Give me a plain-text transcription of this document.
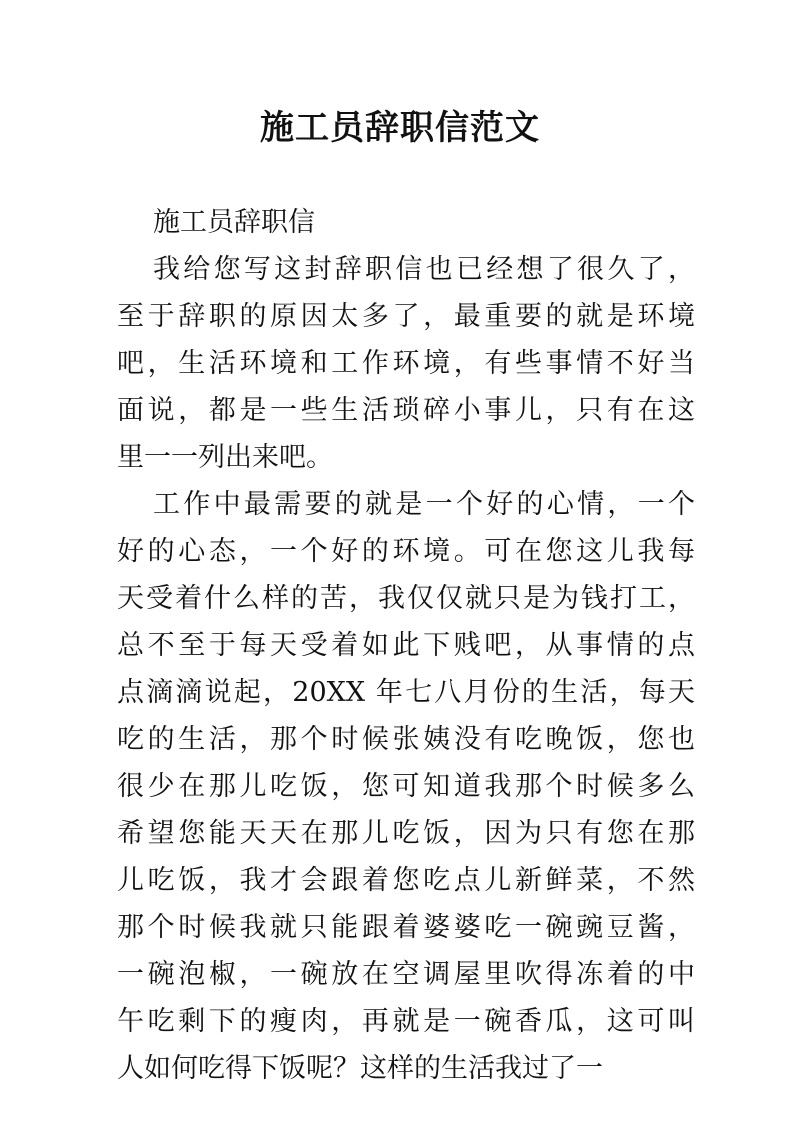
施工员辞职信范文
施工员辞职信
我给您写这封辞职信也已经想了很久了，
至于辞职的原因太多了，最重要的就是环境
吧，生活环境和工作环境，有些事情不好当
面说，都是一些生活琐碎小事儿，只有在这
里一一列出来吧。
工作中最需要的就是一个好的心情，一个
好的心态，一个好的环境。可在您这儿我每
天受着什么样的苦，我仅仅就只是为钱打工，
总不至于每天受着如此下贱吧，从事情的点
点滴滴说起，20XX 年七八月份的生活，每天
吃的生活，那个时候张姨没有吃晚饭，您也
很少在那儿吃饭，您可知道我那个时候多么
希望您能天天在那儿吃饭，因为只有您在那
儿吃饭，我才会跟着您吃点儿新鲜菜，不然
那个时候我就只能跟着婆婆吃一碗豌豆酱，
一碗泡椒，一碗放在空调屋里吹得冻着的中
午吃剩下的瘦肉，再就是一碗香瓜，这可叫
人如何吃得下饭呢？这样的生活我过了一
